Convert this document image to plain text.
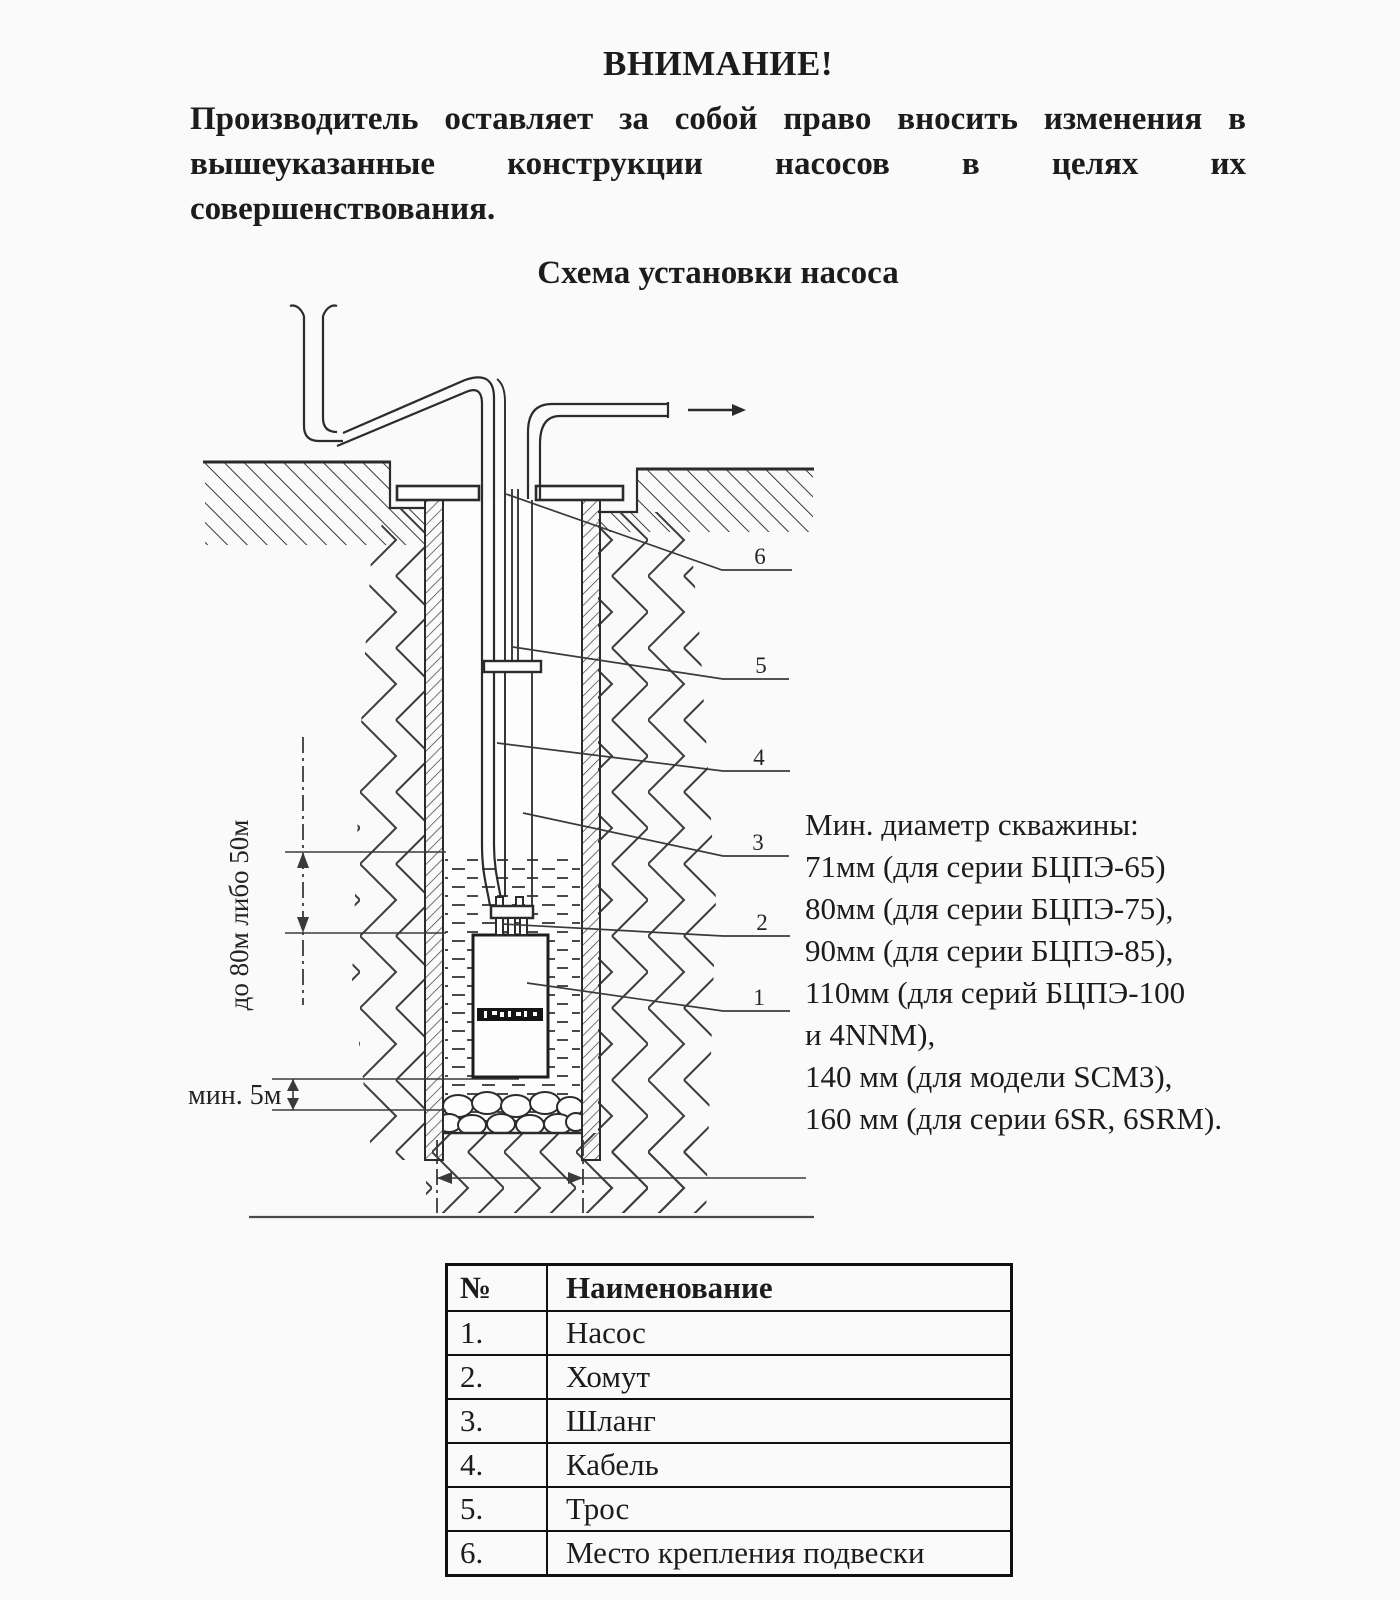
ВНИМАНИЕ!
Производитель оставляет за собой право вносить изменения в
вышеуказанные конструкции насосов в целях их
совершенствования.
Схема установки насоса
Мин. диаметр скважины:
71мм (для серии БЦПЭ-65)
80мм (для серии БЦПЭ-75),
90мм (для серии БЦПЭ-85),
110мм (для серий БЦПЭ-100
и 4NNM),
140 мм (для модели SCM3),
160 мм (для серии 6SR, 6SRM).
6
5
4
3
2
1
до 80м либо 50м
мин. 5м
№	Наименование
1.	Насос
2.	Хомут
3.	Шланг
4.	Кабель
5.	Трос
6.	Место крепления подвески
